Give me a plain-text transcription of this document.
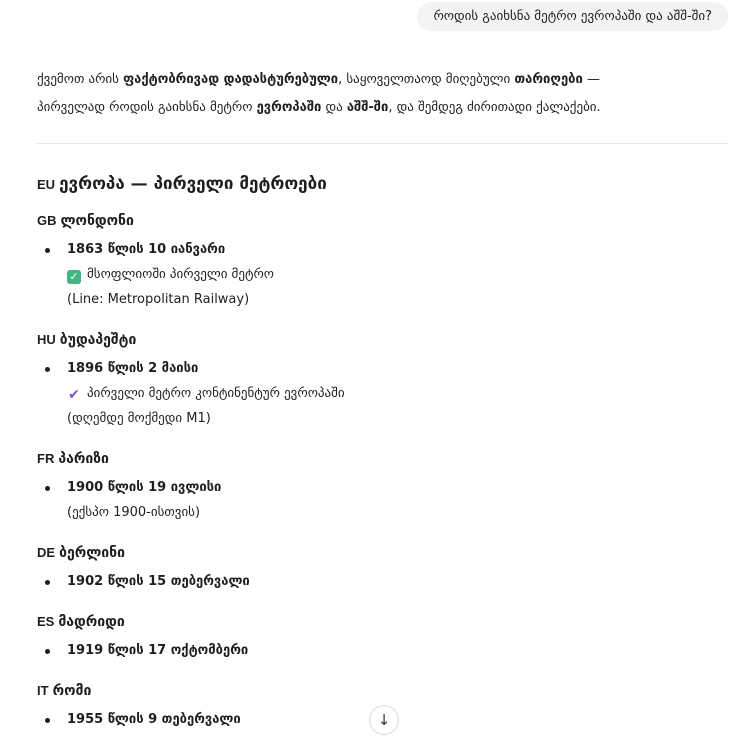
როდის გაიხსნა მეტრო ევროპაში და აშშ-ში?
ქვემოთ არის ფაქტობრივად დადასტურებული, საყოველთაოდ მიღებული თარიღები —
პირველად როდის გაიხსნა მეტრო ევროპაში და აშშ-ში, და შემდეგ ძირითადი ქალაქები.
EU ევროპა — პირველი მეტროები
GB ლონდონი
1863 წლის 10 იანვარი
✓ მსოფლიოში პირველი მეტრო
(Line: Metropolitan Railway)
HU ბუდაპეშტი
1896 წლის 2 მაისი
✔ პირველი მეტრო კონტინენტურ ევროპაში
(დღემდე მოქმედი M1)
FR პარიზი
1900 წლის 19 ივლისი
(ექსპო 1900-ისთვის)
DE ბერლინი
1902 წლის 15 თებერვალი
ES მადრიდი
1919 წლის 17 ოქტომბერი
IT რომი
1955 წლის 9 თებერვალი	↓
